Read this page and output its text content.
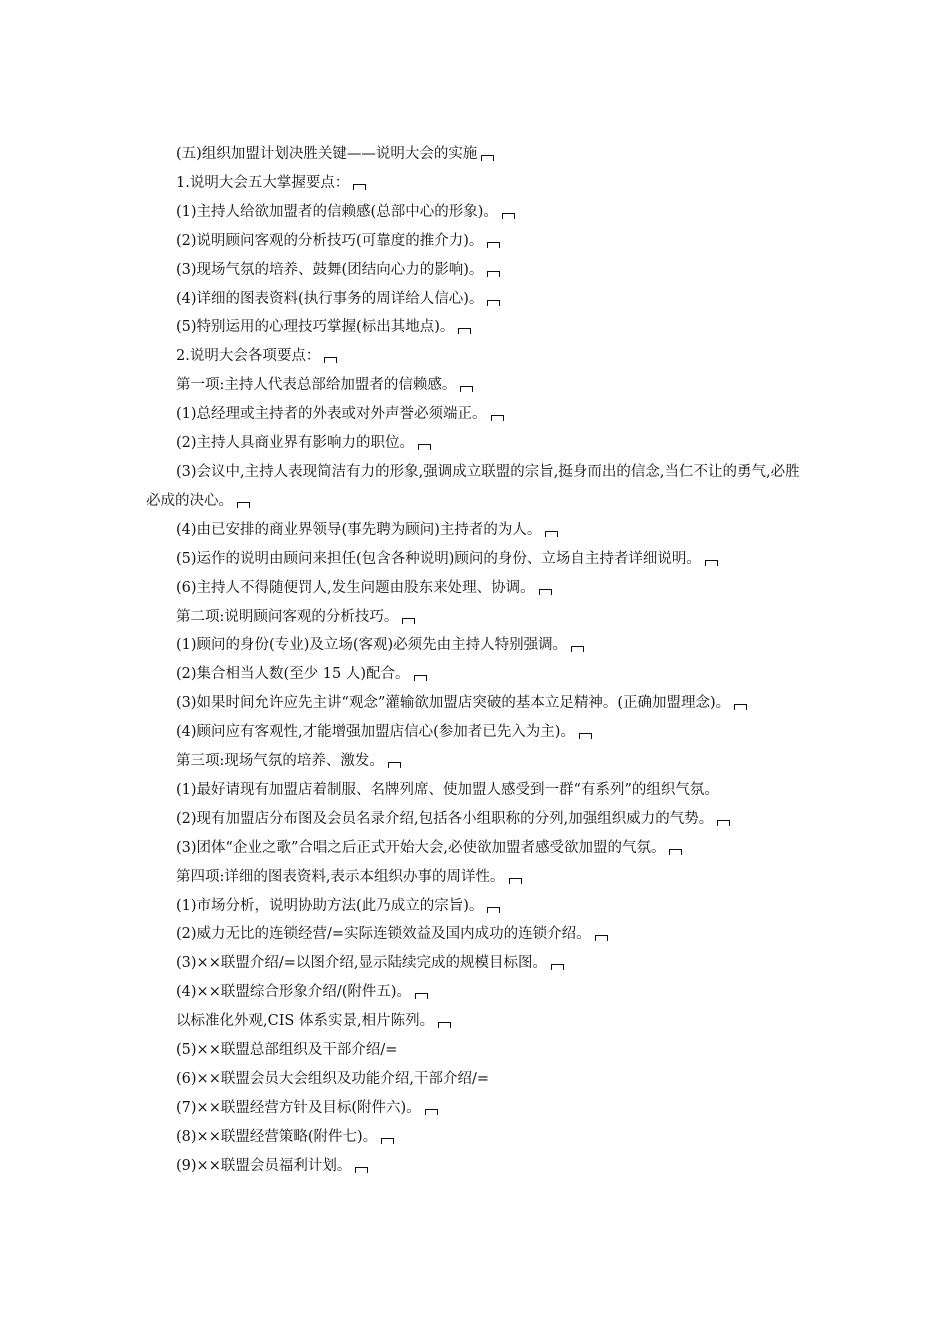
(五)组织加盟计划决胜关键——说明大会的实施
1.说明大会五大掌握要点：
(1)主持人给欲加盟者的信赖感(总部中心的形象)。
(2)说明顾问客观的分析技巧(可靠度的推介力)。
(3)现场气氛的培养、鼓舞(团结向心力的影响)。
(4)详细的图表资料(执行事务的周详给人信心)。
(5)特别运用的心理技巧掌握(标出其地点)。
2.说明大会各项要点：
第一项:主持人代表总部给加盟者的信赖感。
(1)总经理或主持者的外表或对外声誉必须端正。
(2)主持人具商业界有影响力的职位。
(3)会议中,主持人表现简洁有力的形象,强调成立联盟的宗旨,挺身而出的信念,当仁不让的勇气,必胜必成的决心。
(4)由已安排的商业界领导(事先聘为顾问)主持者的为人。
(5)运作的说明由顾问来担任(包含各种说明)顾问的身份、立场自主持者详细说明。
(6)主持人不得随便罚人,发生问题由股东来处理、协调。
第二项:说明顾问客观的分析技巧。
(1)顾问的身份(专业)及立场(客观)必须先由主持人特别强调。
(2)集合相当人数(至少 15 人)配合。
(3)如果时间允许应先主讲“观念”灌输欲加盟店突破的基本立足精神。(正确加盟理念)。
(4)顾问应有客观性,才能增强加盟店信心(参加者已先入为主)。
第三项:现场气氛的培养、激发。
(1)最好请现有加盟店着制服、名牌列席、使加盟人感受到一群“有系列”的组织气氛。
(2)现有加盟店分布图及会员名录介绍,包括各小组职称的分列,加强组织威力的气势。
(3)团体“企业之歌”合唱之后正式开始大会,必使欲加盟者感受欲加盟的气氛。
第四项:详细的图表资料,表示本组织办事的周详性。
(1)市场分析，说明协助方法(此乃成立的宗旨)。
(2)威力无比的连锁经营/=实际连锁效益及国内成功的连锁介绍。
(3)××联盟介绍/=以图介绍,显示陆续完成的规模目标图。
(4)××联盟综合形象介绍/(附件五)。
以标准化外观,CIS 体系实景,相片陈列。
(5)××联盟总部组织及干部介绍/=
(6)××联盟会员大会组织及功能介绍,干部介绍/=
(7)××联盟经营方针及目标(附件六)。
(8)××联盟经营策略(附件七)。
(9)××联盟会员福利计划。
